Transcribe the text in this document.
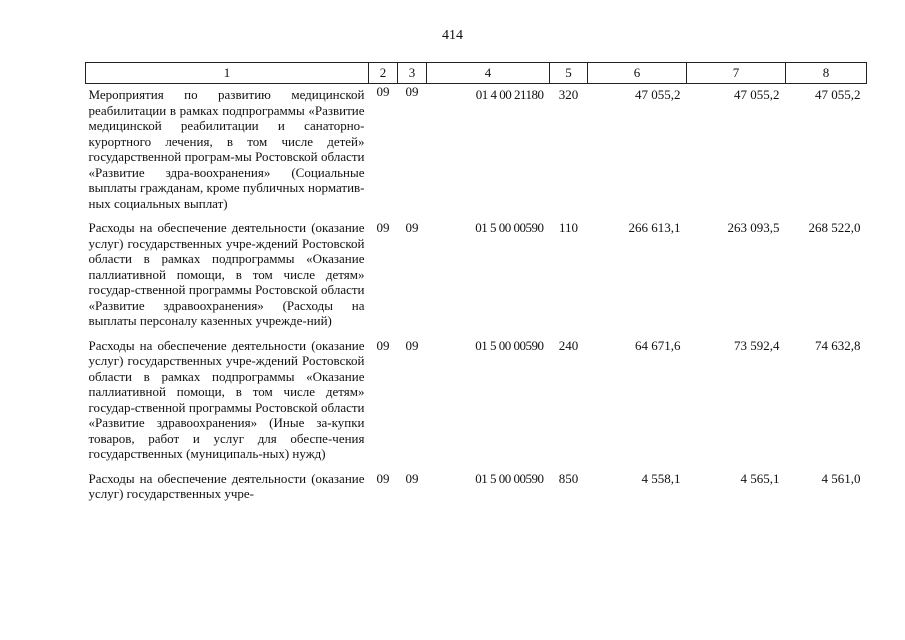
414
1	2	3	4	5	6	7	8
Мероприятия по развитию медицинской реабилитации в рамках подпрограммы «Развитие медицинской реабилитации и санаторно-курортного лечения, в том числе детей» государственной програм-мы Ростовской области «Развитие здра-воохранения» (Социальные выплаты гражданам, кроме публичных норматив-ных социальных выплат)	09	09	01 4 00 21180	320	47 055,2	47 055,2	47 055,2
Расходы на обеспечение деятельности (оказание услуг) государственных учре-ждений Ростовской области в рамках подпрограммы «Оказание паллиативной помощи, в том числе детям» государ-ственной программы Ростовской области «Развитие здравоохранения» (Расходы на выплаты персоналу казенных учрежде-ний)	09	09	01 5 00 00590	110	266 613,1	263 093,5	268 522,0
Расходы на обеспечение деятельности (оказание услуг) государственных учре-ждений Ростовской области в рамках подпрограммы «Оказание паллиативной помощи, в том числе детям» государ-ственной программы Ростовской области «Развитие здравоохранения» (Иные за-купки товаров, работ и услуг для обеспе-чения государственных (муниципаль-ных) нужд)	09	09	01 5 00 00590	240	64 671,6	73 592,4	74 632,8
Расходы на обеспечение деятельности (оказание услуг) государственных учре-	09	09	01 5 00 00590	850	4 558,1	4 565,1	4 561,0
